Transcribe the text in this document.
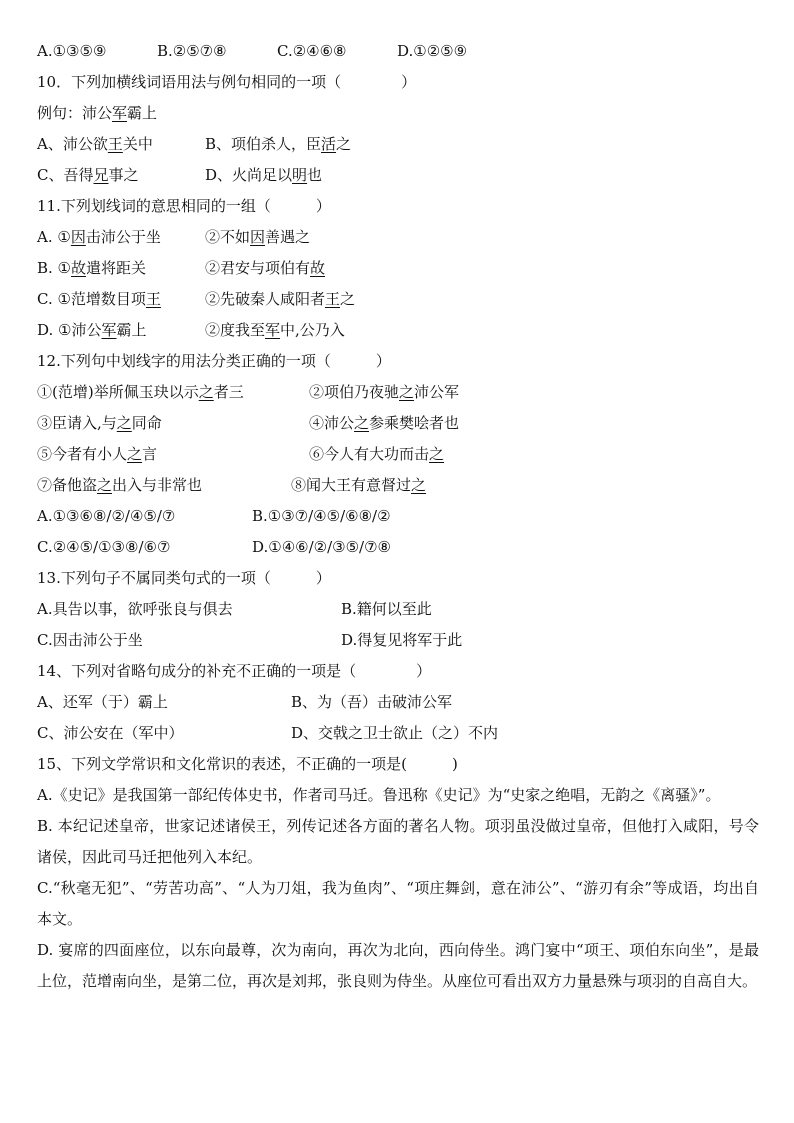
A.①③⑤⑨	B.②⑤⑦⑧	C.②④⑥⑧	D.①②⑤⑨
10．下列加横线词语用法与例句相同的一项（　　　　）
例句：沛公军霸上
A、沛公欲王关中	B、项伯杀人，臣活之
C、吾得兄事之	D、火尚足以明也
11.下列划线词的意思相同的一组（　　　）
A. ①因击沛公于坐	②不如因善遇之
B. ①故遣将距关	②君安与项伯有故
C. ①范增数目项王	②先破秦人咸阳者王之
D. ①沛公军霸上	②度我至军中,公乃入
12.下列句中划线字的用法分类正确的一项（　　　）
①(范增)举所佩玉玦以示之者三	②项伯乃夜驰之沛公军
③臣请入,与之同命	④沛公之参乘樊哙者也
⑤今者有小人之言	⑥今人有大功而击之
⑦备他盗之出入与非常也	⑧闻大王有意督过之
A.①③⑥⑧/②/④⑤/⑦	B.①③⑦/④⑤/⑥⑧/②
C.②④⑤/①③⑧/⑥⑦	D.①④⑥/②/③⑤/⑦⑧
13.下列句子不属同类句式的一项（　　　）
A.具告以事，欲呼张良与俱去	B.籍何以至此
C.因击沛公于坐	D.得复见将军于此
14、下列对省略句成分的补充不正确的一项是（　　　　）
A、还军（于）霸上	B、为（吾）击破沛公军
C、沛公安在（军中）	D、交戟之卫士欲止（之）不内
15、下列文学常识和文化常识的表述，不正确的一项是(　　　)
A.《史记》是我国第一部纪传体史书，作者司马迁。鲁迅称《史记》为“史家之绝唱，无韵之《离骚》”。
B. 本纪记述皇帝，世家记述诸侯王，列传记述各方面的著名人物。项羽虽没做过皇帝，但他打入咸阳，号令诸侯，因此司马迁把他列入本纪。
C.“秋毫无犯”、“劳苦功高”、“人为刀俎，我为鱼肉”、“项庄舞剑，意在沛公”、“游刃有余”等成语，均出自本文。
D. 宴席的四面座位，以东向最尊，次为南向，再次为北向，西向侍坐。鸿门宴中“项王、项伯东向坐”，是最上位，范增南向坐，是第二位，再次是刘邦，张良则为侍坐。从座位可看出双方力量悬殊与项羽的自高自大。
